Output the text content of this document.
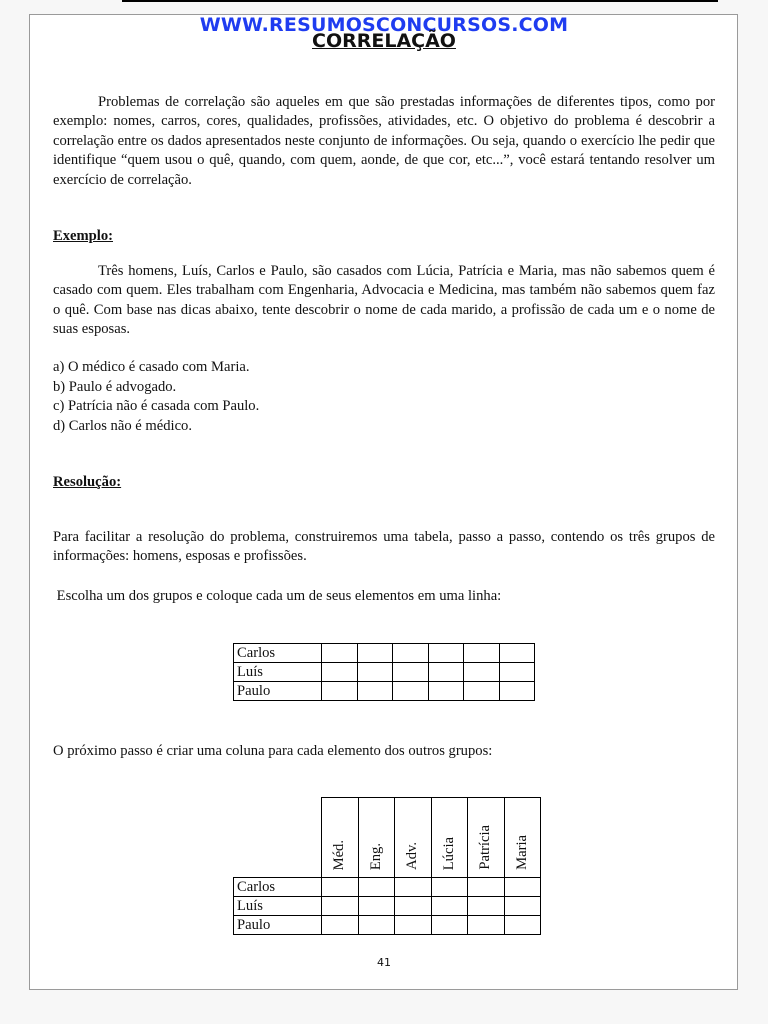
WWW.RESUMOSCONCURSOS.COM
CORRELAÇÃO

Problemas de correlação são aqueles em que são prestadas informações de diferentes tipos, como por exemplo: nomes, carros, cores, qualidades, profissões, atividades, etc. O objetivo do problema é descobrir a correlação entre os dados apresentados neste conjunto de informações. Ou seja, quando o exercício lhe pedir que identifique “quem usou o quê, quando, com quem, aonde, de que cor, etc...”, você estará tentando resolver um exercício de correlação.

Exemplo:

Três homens, Luís, Carlos e Paulo, são casados com Lúcia, Patrícia e Maria, mas não sabemos quem é casado com quem. Eles trabalham com Engenharia, Advocacia e Medicina, mas também não sabemos quem faz o quê. Com base nas dicas abaixo, tente descobrir o nome de cada marido, a profissão de cada um e o nome de suas esposas.

a) O médico é casado com Maria.
b) Paulo é advogado.
c) Patrícia não é casada com Paulo.
d) Carlos não é médico.

Resolução:

Para facilitar a resolução do problema, construiremos uma tabela, passo a passo, contendo os três grupos de informações: homens, esposas e profissões.

Escolha um dos grupos e coloque cada um de seus elementos em uma linha:

Carlos						
Luís						
Paulo						

O próximo passo é criar uma coluna para cada elemento dos outros grupos:

	Méd.	Eng.	Adv.	Lúcia	Patrícia	Maria
Carlos						
Luís						
Paulo						
41
